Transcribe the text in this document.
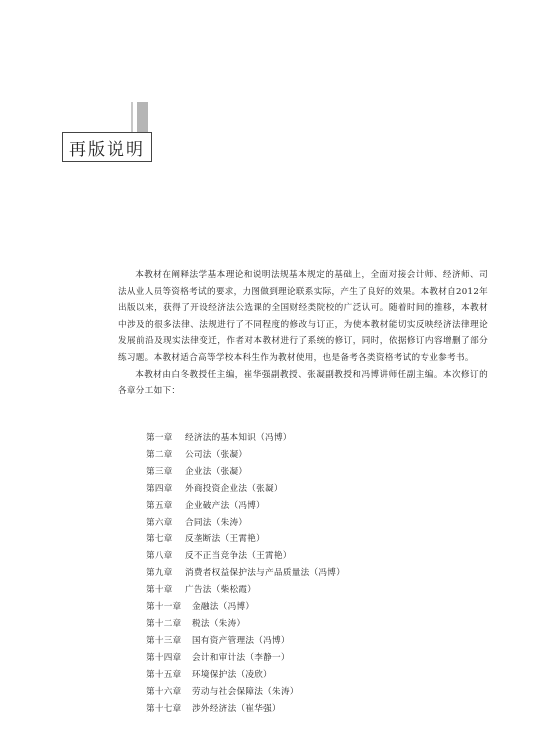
再版说明

本教材在阐释法学基本理论和说明法规基本规定的基础上，全面对接会计师、经济师、司法从业人员等资格考试的要求，力图做到理论联系实际，产生了良好的效果。本教材自2012年出版以来，获得了开设经济法公选课的全国财经类院校的广泛认可。随着时间的推移，本教材中涉及的很多法律、法规进行了不同程度的修改与订正，为使本教材能切实反映经济法律理论发展前沿及现实法律变迁，作者对本教材进行了系统的修订，同时，依据修订内容增删了部分练习题。本教材适合高等学校本科生作为教材使用，也是备考各类资格考试的专业参考书。

本教材由白冬教授任主编，崔华强副教授、张凝副教授和冯博讲师任副主编。本次修订的各章分工如下：

第一章	经济法的基本知识（冯博）
第二章	公司法（张凝）
第三章	企业法（张凝）
第四章	外商投资企业法（张凝）
第五章	企业破产法（冯博）
第六章	合同法（朱涛）
第七章	反垄断法（王霄艳）
第八章	反不正当竞争法（王霄艳）
第九章	消费者权益保护法与产品质量法（冯博）
第十章	广告法（柴松霞）
第十一章	金融法（冯博）
第十二章	税法（朱涛）
第十三章	国有资产管理法（冯博）
第十四章	会计和审计法（李静一）
第十五章	环境保护法（凌欣）
第十六章	劳动与社会保障法（朱涛）
第十七章	涉外经济法（崔华强）
